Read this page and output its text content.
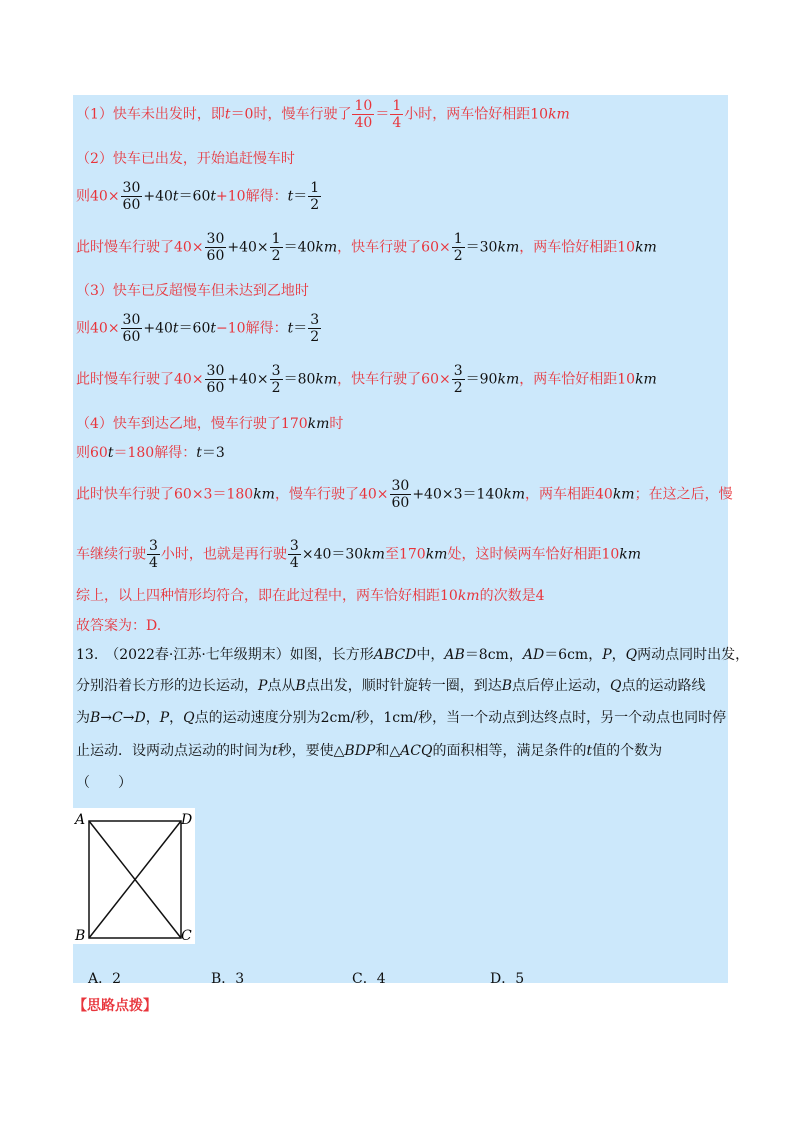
（1）快车未出发时，即t＝0时，慢车行驶了 $\frac{10}{40} = \frac{1}{4}$ 小时，两车恰好相距10km
（2）快车已出发，开始追赶慢车时
则$40\times \frac{30}{60} +40t=60t+10$解得：$t= \frac{1}{2}$
此时慢车行驶了$40\times \frac{30}{60} +40\times \frac{1}{2} =40km$，快车行驶了$60\times \frac{1}{2} =30km$，两车恰好相距10km
（3）快车已反超慢车但未达到乙地时
则$40\times \frac{30}{60} +40t=60t-10$解得：$t= \frac{3}{2}$
此时慢车行驶了$40\times \frac{30}{60} +40\times \frac{3}{2} =80km$，快车行驶了$60\times \frac{3}{2} =90km$，两车恰好相距10km
（4）快车到达乙地，慢车行驶了170km时
则60t＝180解得：t＝3
此时快车行驶了60×3＝180km，慢车行驶了$40\times \frac{30}{60} +40\times 3=140km$，两车相距40km；在这之后，慢
车继续行驶 $\frac{3}{4}$ 小时，也就是再行驶 $\frac{3}{4} \times 40=30km$至170km处，这时候两车恰好相距10km
综上，以上四种情形均符合，即在此过程中，两车恰好相距10km的次数是4
故答案为：D.
13.　（2022春·江苏·七年级期末）如图，长方形ABCD中，AB＝8cm，AD＝6cm，P，Q两动点同时出发，
分别沿着长方形的边长运动，P点从B点出发，顺时针旋转一圈，到达B点后停止运动，Q点的运动路线
为B→C→D，P，Q点的运动速度分别为2cm/秒，1cm/秒，当一个动点到达终点时，另一个动点也同时停
止运动．设两动点运动的时间为t秒，要使△BDP和△ACQ的面积相等，满足条件的t值的个数为
（　　）
A	D
B	C
A．2	B．3	C．4	D．5
【思路点拨】
